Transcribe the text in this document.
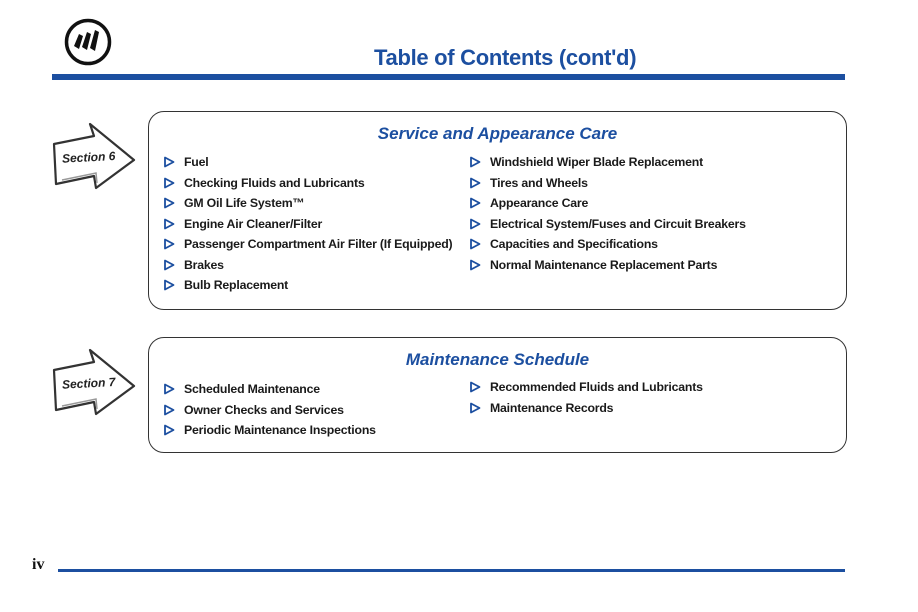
Table of Contents (cont'd)
Section 6
Service and Appearance Care
Fuel
Checking Fluids and Lubricants
GM Oil Life System™
Engine Air Cleaner/Filter
Passenger Compartment Air Filter (If Equipped)
Brakes
Bulb Replacement
Windshield Wiper Blade Replacement
Tires and Wheels
Appearance Care
Electrical System/Fuses and Circuit Breakers
Capacities and Specifications
Normal Maintenance Replacement Parts
Section 7
Maintenance Schedule
Scheduled Maintenance
Owner Checks and Services
Periodic Maintenance Inspections
Recommended Fluids and Lubricants
Maintenance Records
iv
